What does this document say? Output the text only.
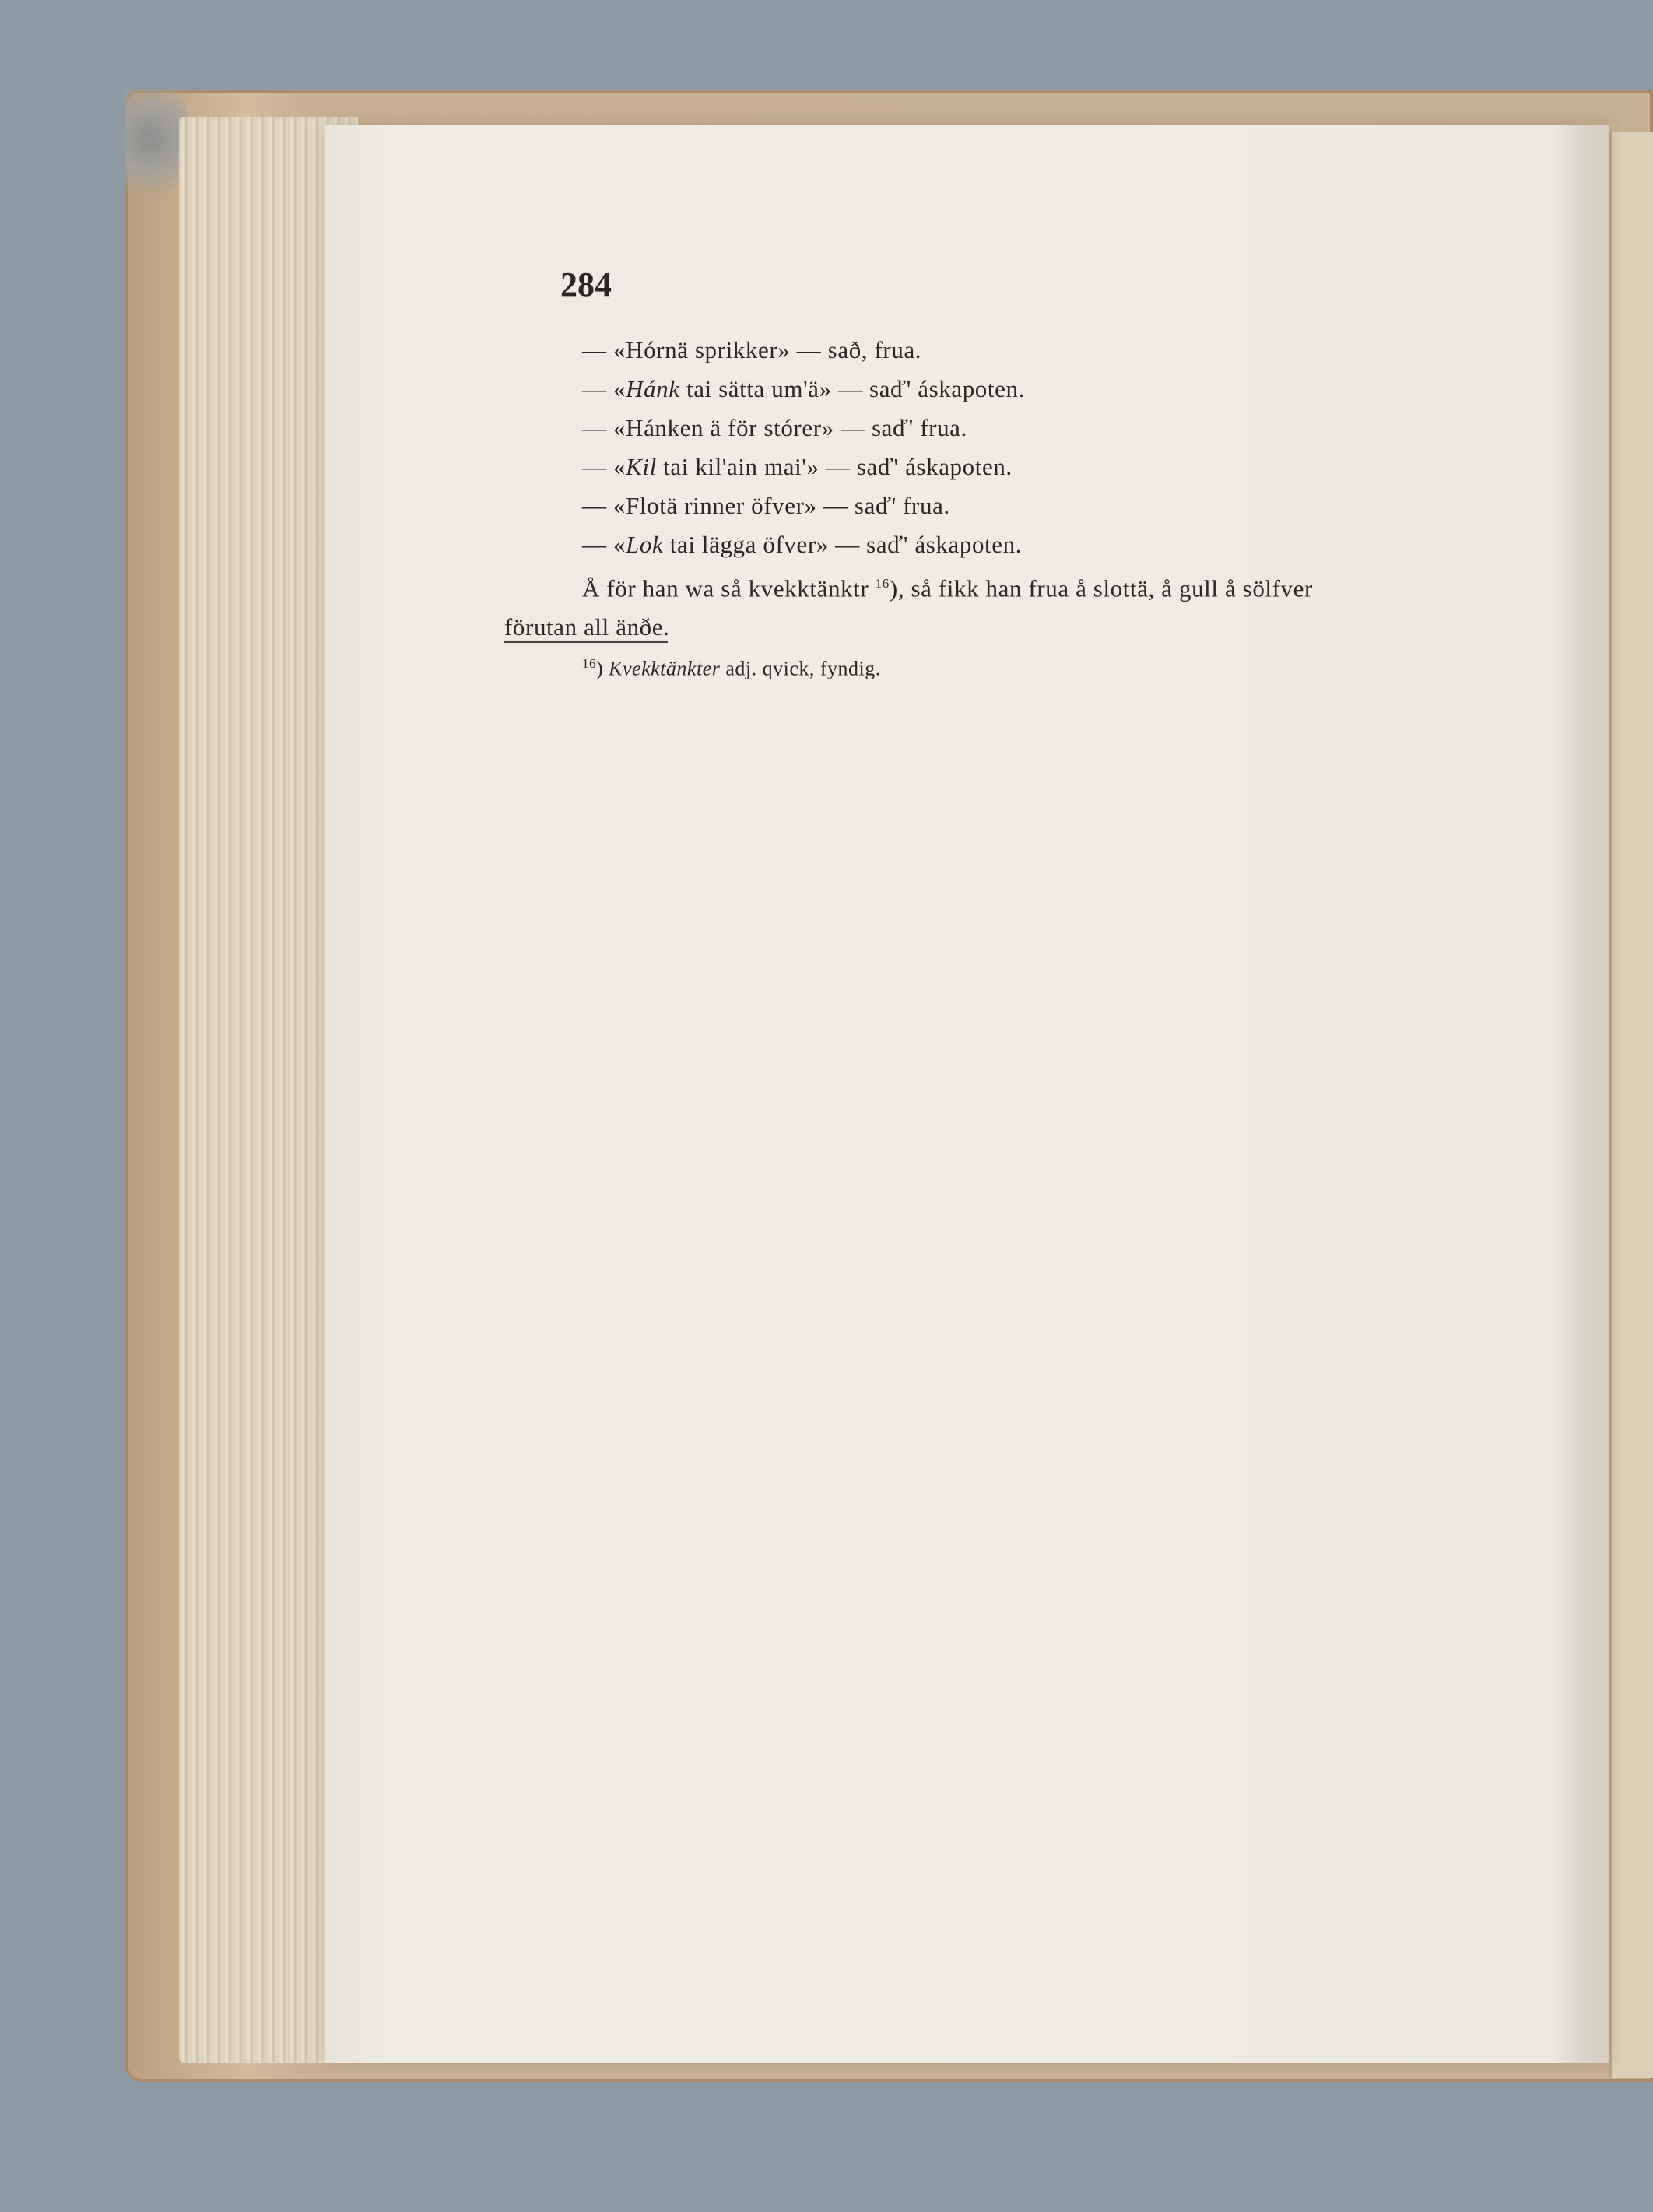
284
— «Hórnä sprikker» — sað, frua.
— «Hánk tai sätta um'ä» — saď' áskapoten.
— «Hánken ä för stórer» — saď' frua.
— «Kil tai kil'ain mai'» — saď' áskapoten.
— «Flotä rinner öfver» — saď' frua.
— «Lok tai lägga öfver» — saď' áskapoten.
Å för han wa så kvekktänktr $^{16}$), så fikk han frua å slottä, å gull å sölfver
förutan all änðe.
$^{16}$) Kvekktänkter adj. qvick, fyndig.
